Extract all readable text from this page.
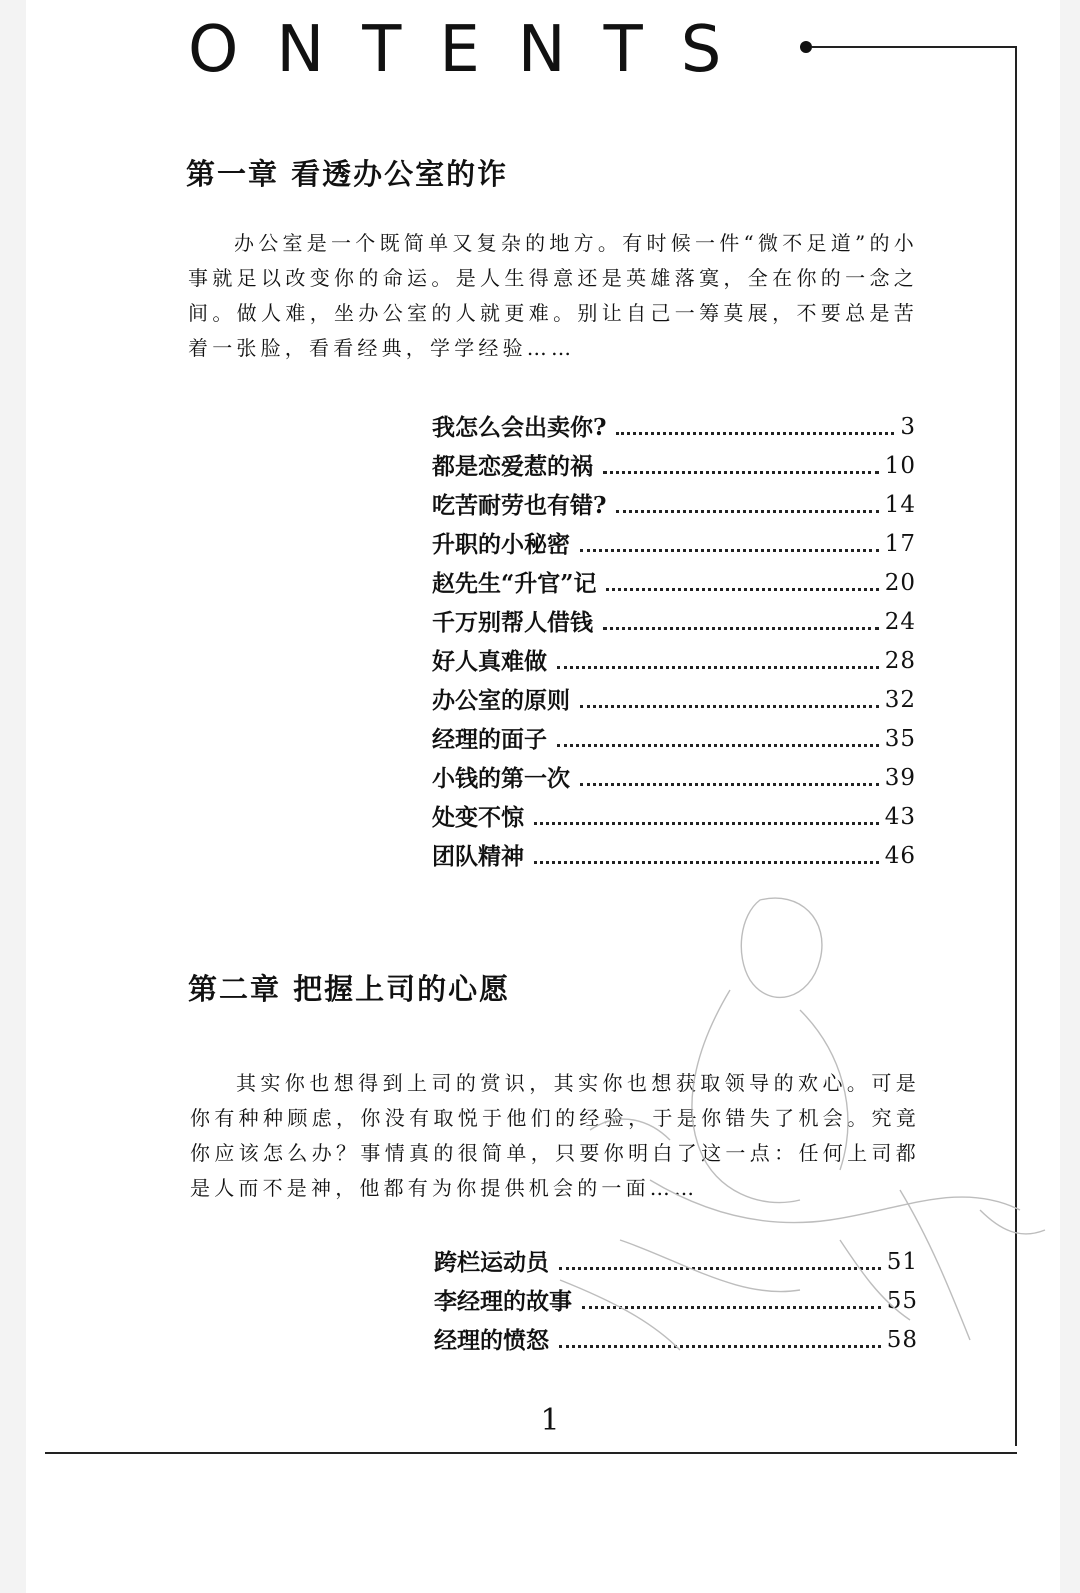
ONTENTS
第一章 看透办公室的诈
办公室是一个既简单又复杂的地方。有时候一件“微不足道”的小事就足以改变你的命运。是人生得意还是英雄落寞，全在你的一念之间。做人难，坐办公室的人就更难。别让自己一筹莫展，不要总是苦着一张脸，看看经典，学学经验……
我怎么会出卖你?	3
都是恋爱惹的祸	10
吃苦耐劳也有错?	14
升职的小秘密	17
赵先生“升官”记	20
千万别帮人借钱	24
好人真难做	28
办公室的原则	32
经理的面子	35
小钱的第一次	39
处变不惊	43
团队精神	46
第二章 把握上司的心愿
其实你也想得到上司的赏识，其实你也想获取领导的欢心。可是你有种种顾虑，你没有取悦于他们的经验，于是你错失了机会。究竟你应该怎么办？事情真的很简单，只要你明白了这一点：任何上司都是人而不是神，他都有为你提供机会的一面……
跨栏运动员	51
李经理的故事	55
经理的愤怒	58
1
